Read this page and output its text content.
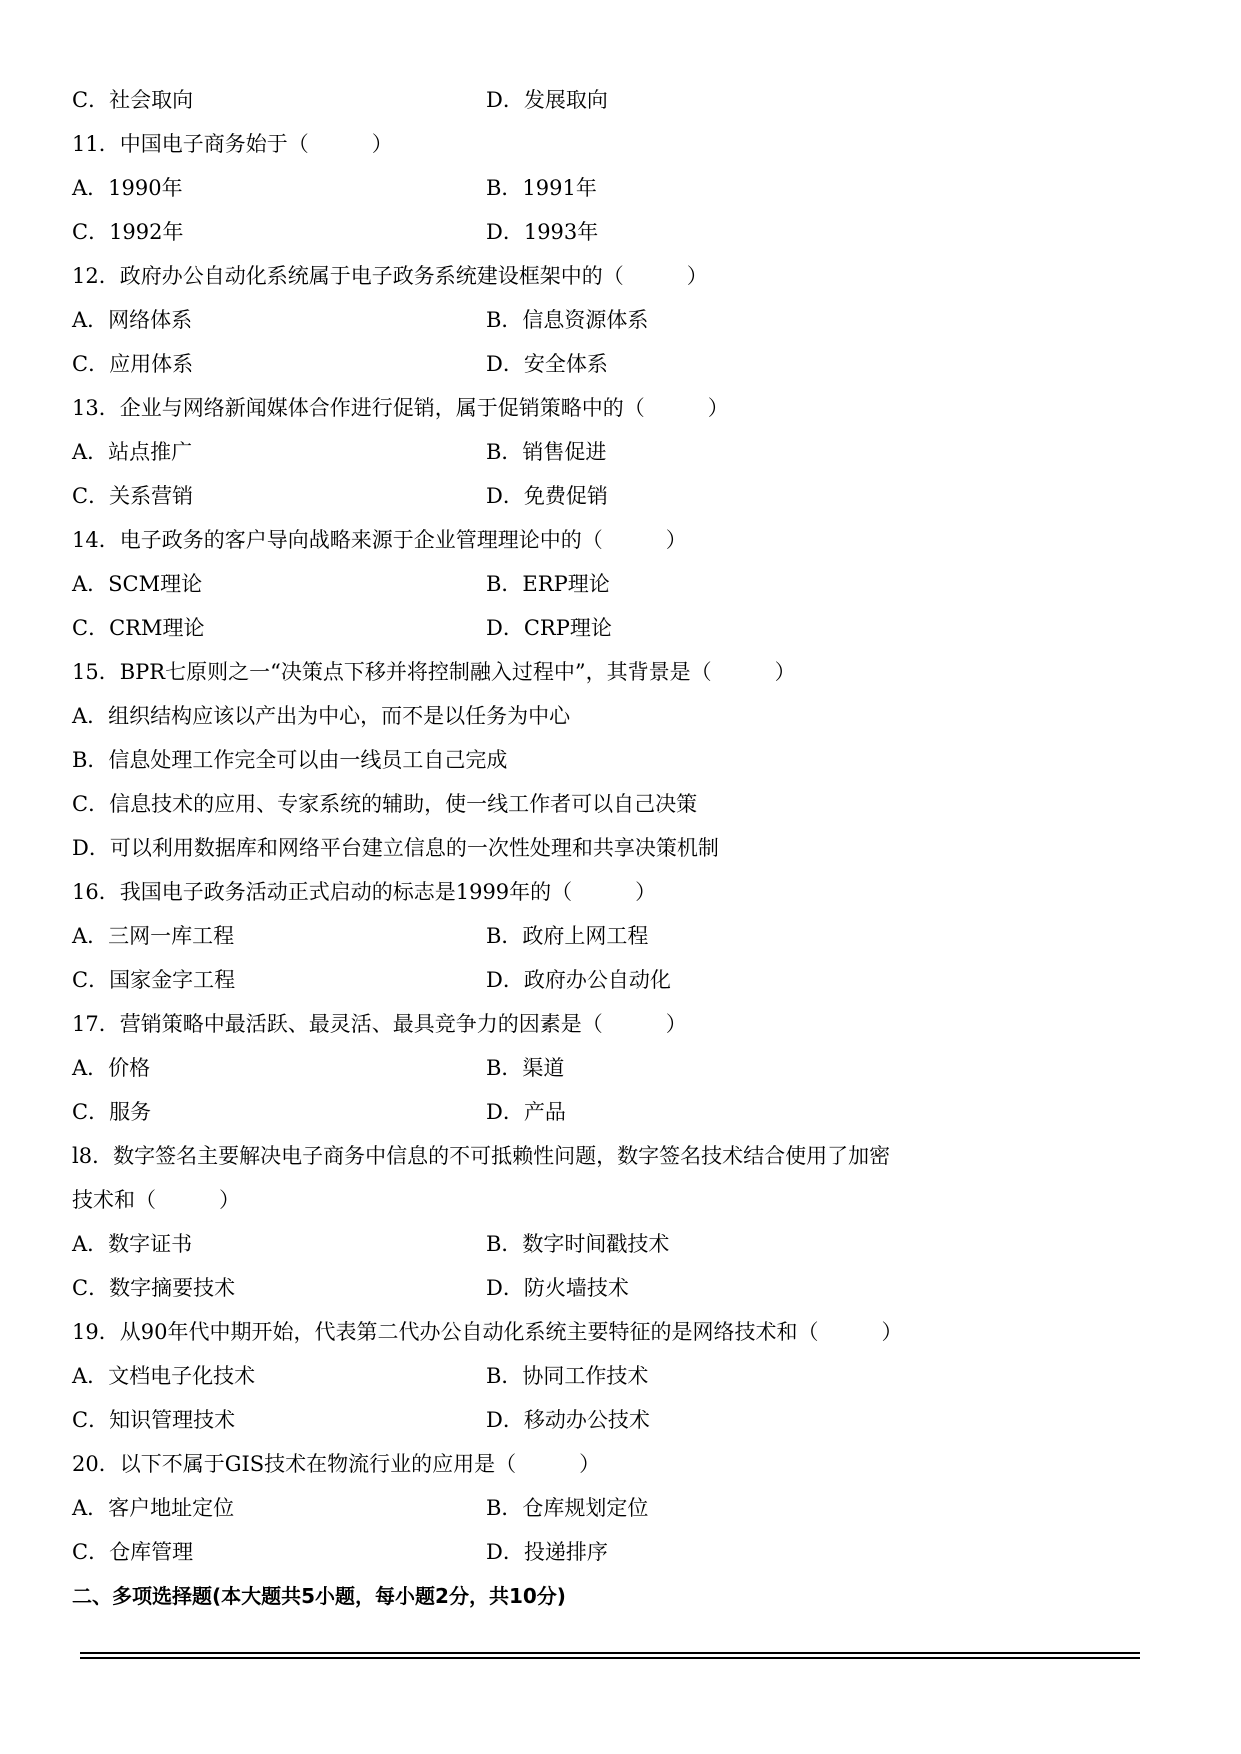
C．社会取向	D．发展取向
11．中国电子商务始于（　　　）
A．1990年	B．1991年
C．1992年	D．1993年
12．政府办公自动化系统属于电子政务系统建设框架中的（　　　）
A．网络体系	B．信息资源体系
C．应用体系	D．安全体系
13．企业与网络新闻媒体合作进行促销，属于促销策略中的（　　　）
A．站点推广	B．销售促进
C．关系营销	D．免费促销
14．电子政务的客户导向战略来源于企业管理理论中的（　　　）
A．SCM理论	B．ERP理论
C．CRM理论	D．CRP理论
15．BPR七原则之一“决策点下移并将控制融入过程中”，其背景是（　　　）
A．组织结构应该以产出为中心，而不是以任务为中心
B．信息处理工作完全可以由一线员工自己完成
C．信息技术的应用、专家系统的辅助，使一线工作者可以自己决策
D．可以利用数据库和网络平台建立信息的一次性处理和共享决策机制
16．我国电子政务活动正式启动的标志是1999年的（　　　）
A．三网一库工程	B．政府上网工程
C．国家金字工程	D．政府办公自动化
17．营销策略中最活跃、最灵活、最具竞争力的因素是（　　　）
A．价格	B．渠道
C．服务	D．产品
l8．数字签名主要解决电子商务中信息的不可抵赖性问题，数字签名技术结合使用了加密
技术和（　　　）
A．数字证书	B．数字时间戳技术
C．数字摘要技术	D．防火墙技术
19．从90年代中期开始，代表第二代办公自动化系统主要特征的是网络技术和（　　　）
A．文档电子化技术	B．协同工作技术
C．知识管理技术	D．移动办公技术
20．以下不属于GIS技术在物流行业的应用是（　　　）
A．客户地址定位	B．仓库规划定位
C．仓库管理	D．投递排序
二、多项选择题(本大题共5小题，每小题2分，共10分)
